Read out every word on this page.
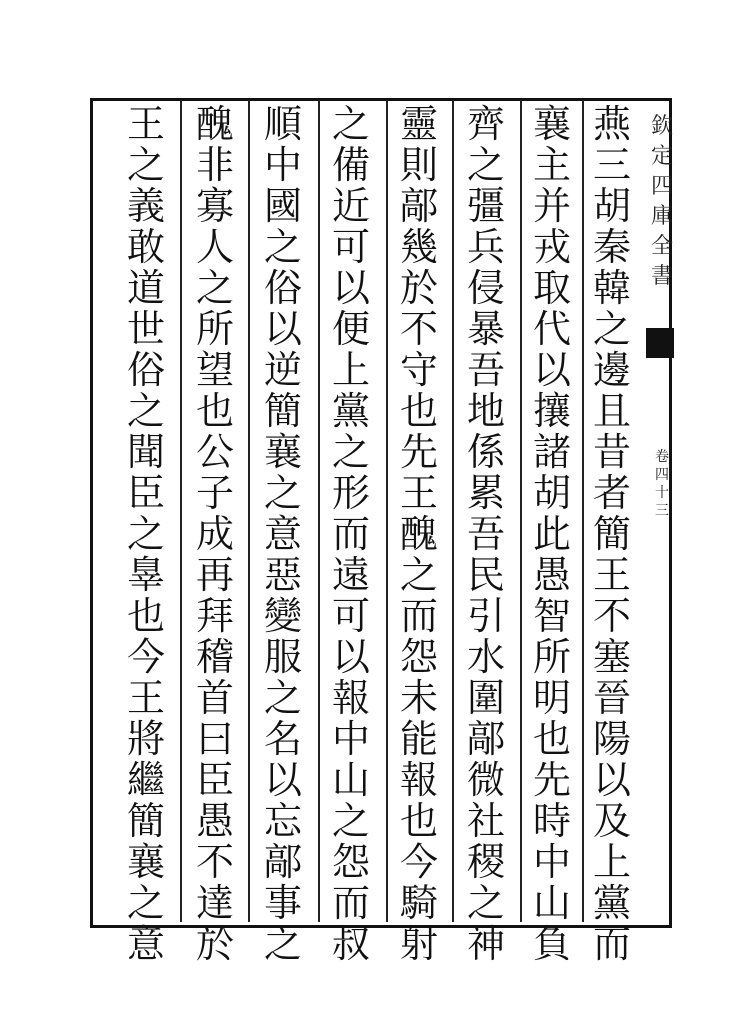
燕
三
胡
秦
韓
之
邊
且
昔
者
簡
王
不
塞
晉
陽
以
及
上
黨
而
襄
主
并
戎
取
代
以
攘
諸
胡
此
愚
智
所
明
也
先
時
中
山
負
齊
之
彊
兵
侵
暴
吾
地
係
累
吾
民
引
水
圍
鄗
微
社
稷
之
神
靈
則
鄗
幾
於
不
守
也
先
王
醜
之
而
怨
未
能
報
也
今
騎
射
之
備
近
可
以
便
上
黨
之
形
而
遠
可
以
報
中
山
之
怨
而
叔
順
中
國
之
俗
以
逆
簡
襄
之
意
惡
變
服
之
名
以
忘
鄗
事
之
醜
非
寡
人
之
所
望
也
公
子
成
再
拜
稽
首
曰
臣
愚
不
達
於
王
之
義
敢
道
世
俗
之
聞
臣
之
辠
也
今
王
將
繼
簡
襄
之
意
欽
定
四
庫
全
書
卷
四
十
三
